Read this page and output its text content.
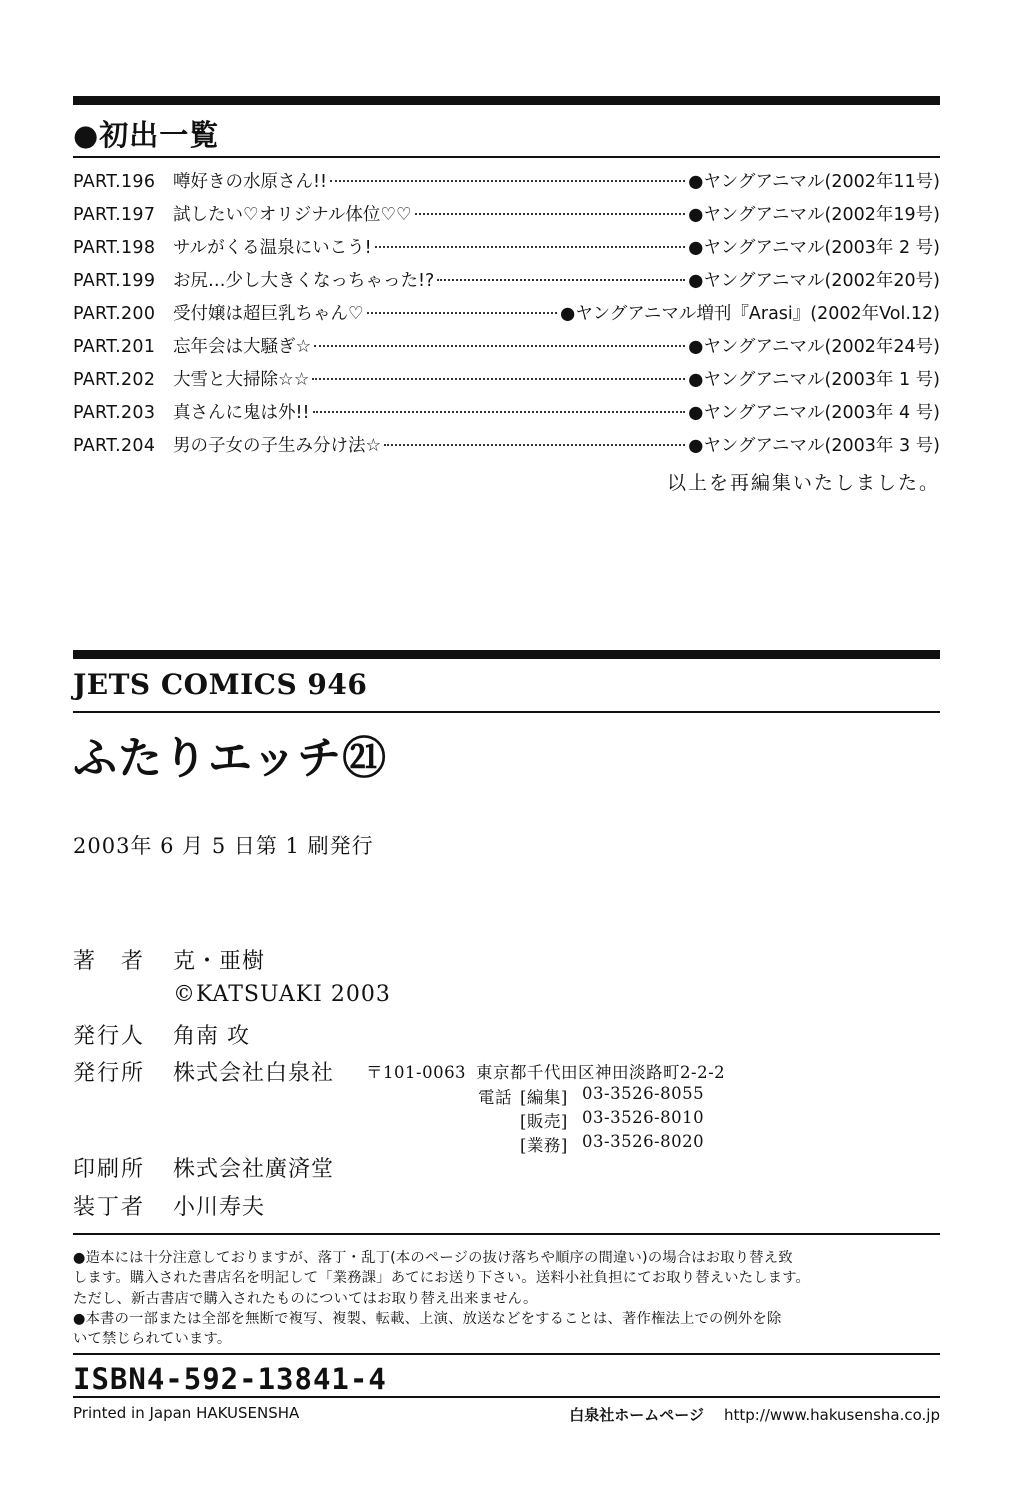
●初出一覧
PART.196	噂好きの水原さん!!	●ヤングアニマル(2002年11号)
PART.197	試したい♡オリジナル体位♡♡	●ヤングアニマル(2002年19号)
PART.198	サルがくる温泉にいこう!	●ヤングアニマル(2003年 2 号)
PART.199	お尻…少し大きくなっちゃった!?	●ヤングアニマル(2002年20号)
PART.200	受付嬢は超巨乳ちゃん♡	●ヤングアニマル増刊『Arasi』(2002年Vol.12)
PART.201	忘年会は大騒ぎ☆	●ヤングアニマル(2002年24号)
PART.202	大雪と大掃除☆☆	●ヤングアニマル(2003年 1 号)
PART.203	真さんに鬼は外!!	●ヤングアニマル(2003年 4 号)
PART.204	男の子女の子生み分け法☆	●ヤングアニマル(2003年 3 号)
以上を再編集いたしました。
JETS COMICS 946
ふたりエッチ㉑
2003年 6 月 5 日第 1 刷発行
著　者 克・亜樹
©KATSUAKI 2003
発行人 角南 攻
発行所 株式会社白泉社 〒101-0063 東京都千代田区神田淡路町2-2-2
電話 [編集] 03-3526-8055
[販売] 03-3526-8010
[業務] 03-3526-8020
印刷所 株式会社廣済堂
装丁者 小川寿夫

●造本には十分注意しておりますが、落丁・乱丁(本のページの抜け落ちや順序の間違い)の場合はお取り替え致

します。購入された書店名を明記して「業務課」あてにお送り下さい。送料小社負担にてお取り替えいたします。

ただし、新古書店で購入されたものについてはお取り替え出来ません。

●本書の一部または全部を無断で複写、複製、転載、上演、放送などをすることは、著作権法上での例外を除

いて禁じられています。

ISBN4-592-13841-4
Printed in Japan HAKUSENSHA	白泉社ホームページ http://www.hakusensha.co.jp
